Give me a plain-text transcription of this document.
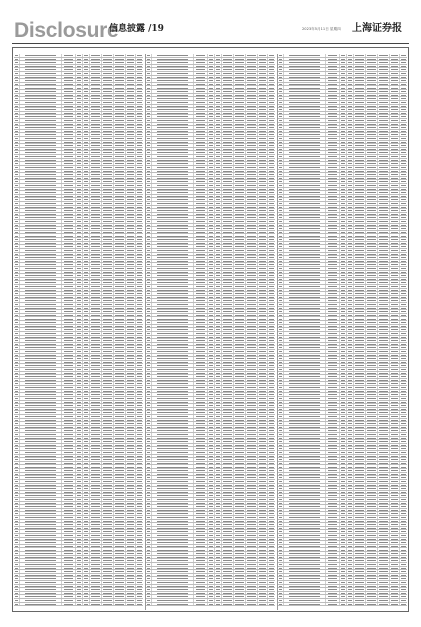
Disclosure
信息披露 /19	2023年5月11日 星期四 上海证券报
